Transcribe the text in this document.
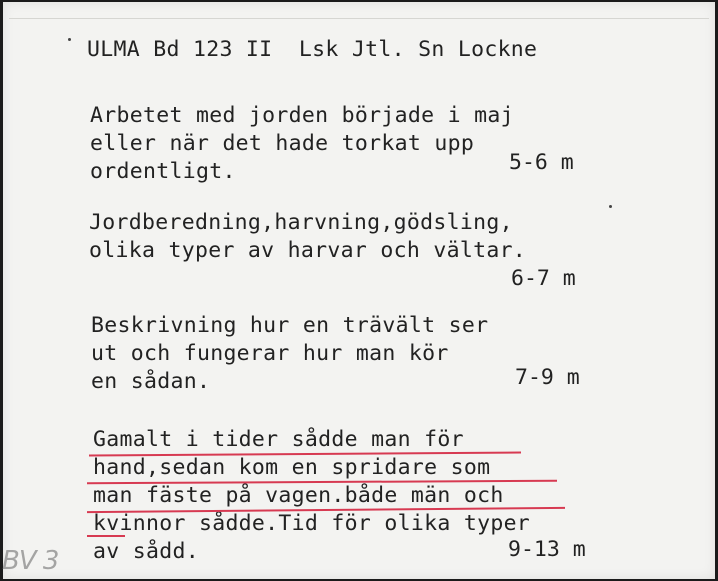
ULMA Bd 123 II  Lsk Jtl. Sn Lockne

Arbetet med jorden började i maj

eller när det hade torkat upp

ordentligt.	5-6 m

Jordberedning,harvning,gödsling,

olika typer av harvar och vältar.

6-7 m

Beskrivning hur en trävält ser

ut och fungerar hur man kör

en sådan.	7-9 m

Gamalt i tider sådde man för

hand,sedan kom en spridare som

man fäste på vagen.både män och

kvinnor sådde.Tid för olika typer

av sådd.	9-13 m

BV 3
